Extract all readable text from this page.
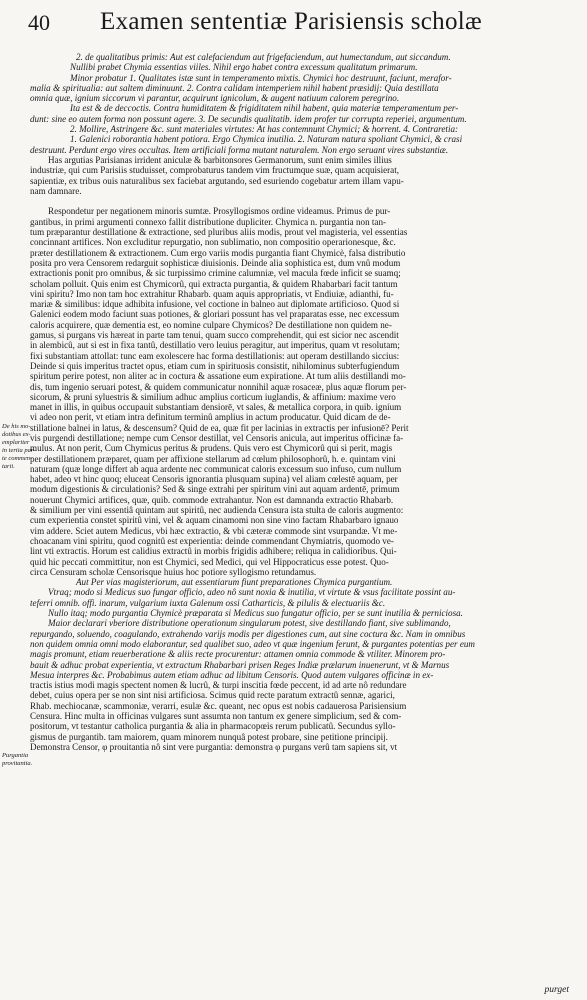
40 Examen sententiæ Parisiensis scholæ
2. de qualitatibus primis: Aut est calefaciendum aut frigefaciendum, aut humectandum, aut siccandum.
Nullibi prabet Chymia essentias viiles. Nihil ergo habet contra excessum qualitatum primarum.
Minor probatur 1. Qualitates istæ sunt in temperamento mixtis. Chymici hoc destruunt, faciunt, merafor-
malia & spiritualia: aut saltem diminuunt. 2. Contra calidam intemperiem nihil habent præsidij: Quia destillata
omnia quæ, ignium siccorum vi parantur, acquirunt ignicolum, & augent natiuum calorem peregrino.
Ita est & de deccoctis. Contra humiditatem & frigiditatem nihil habent, quia materiæ temperamentum per-
dunt: sine eo autem forma non possunt agere. 3. De secundis qualitatib. idem profer tur corrupta reperiei, argumentum.
2. Mollire, Astringere &c. sunt materiales virtutes: At has contemnunt Chymici; & horrent. 4. Contraretia:
1. Galenici roborantia habent potiora. Ergo Chymica inutilia. 2. Naturam natura spoliant Chymici, & crasi
destruunt. Perdunt ergo vires occultas. Item artificiali forma mutant naturalem. Non ergo seruant vires substantiæ.
Has argutias Parisianas irrident aniculæ & barbitonsores Germanorum, sunt enim similes illius
industriæ, qui cum Parisiis studuisset, comprobaturus tandem vim fructumque suæ, quam acquisierat,
sapientiæ, ex tribus ouis naturalibus sex faciebat argutando, sed esuriendo cogebatur artem illam vapu-
nam damnare.
Respondetur per negationem minoris sumtæ. Prosyllogismos ordine videamus. Primus de pur-
gantibus, in primi argumenti connexo fallit distributione dupliciter. Chymica n. purgantia non tan-
tum præparantur destillatione & extractione, sed pluribus aliis modis, prout vel magisteria, vel essentias
concinnant artifices. Non excluditur repurgatio, non sublimatio, non compositio operarionesque, &c.
præter destillationem & extractionem. Cum ergo variis modis purgantia fiant Chymicè, falsa distributio
posita pro vera Censorem redarguit sophisticæ diuisionis. Deinde alia sophistica est, dum vnû modum
extractionis ponit pro omnibus, & sic turpissimo crimine calumniæ, vel macula fœde inficit se suamq;
scholam polluit. Quis enim est Chymicorû, qui extracta purgantia, & quidem Rhabarbari facit tantum
vini spiritu? Imo non tam hoc extrahitur Rhabarb. quam aquis appropriatis, vt Endiuiæ, adianthi, fu-
mariæ & similibus: idque adhibita infusione, vel coctione in balneo aut diplomate artificioso. Quod si
Galenici eodem modo faciunt suas potiones, & gloriari possunt has vel praparatas esse, nec excessum
caloris acquirere, quæ dementia est, eo nomine culpare Chymicos? De destillatione non quidem ne-
gamus, si purgans vis hæreat in parte tam tenui, quam succo comprehendit, qui est sicior nec ascendit
in alembicû, aut si est in fixa tantû, destillatio vero leuius peragitur, aut imperitus, quam vt resolutam;
fixi substantiam attollat: tunc eam exolescere hac forma destillationis: aut operam destillando siccius:
Deinde si quis imperitus tractet opus, etiam cum in spirituosis consistit, nihilominus subterfugiendum
spiritum perire potest, non aliter ac in coctura & assatione eum expiratione. At tum aliis destillandi mo-
dis, tum ingenio seruari potest, & quidem communicatur nonnihil aquæ rosaceæ, plus aquæ florum per-
sicorum, & pruni syluestris & similium adhuc amplius corticum iuglandis, & affinium: maxime vero
manet in illis, in quibus occupauit substantiam densiorē, vt sales, & metallica corpora, in quib. igníum
vi adeo non perit, vt etiam intra definitum terminû amplius in actum producatur. Quid dicam de de-
stillatione balnei in latus, & descensum? Quid de ea, quæ fit per lacinias in extractis per infusionē? Perit
vis purgendi destillatione; nempe cum Censor destillat, vel Censoris anicula, aut imperitus officinæ fa-
mulus. At non perit, Cum Chymicus peritus & prudens. Quis vero est Chymicorû qui si perit, magis
per destillationem præparet, quam per affixione stellarum ad cœlum philosophorû, h. e. quintam vini
naturam (quæ longe differt ab aqua ardente nec communicat caloris excessum suo infuso, cum nullum
habet, adeo vt hinc quoq; eluceat Censoris ignorantia plusquam supina) vel aliam cœlestē aquam, per
modum digestionis & circulationis? Sed & singe extrahi per spiritum vini aut aquam ardentē, primum
nouerunt Chymici artifices, quæ, quib. commode extrahantur. Non est damnanda extractio Rhabarb.
& similium per vini essentiâ quintam aut spiritû, nec audienda Censura ista stulta de caloris augmento:
cum experientia constet spiritû vini, vel & aquam cinamomi non sine vino factam Rhabarbaro ignauo
vim addere. Sciet autem Medicus, vbi hæc extractio, & vbi cæteræ commode sint vsurpandæ. Vt me-
choacanam vini spiritu, quod cognitû est experientia: deinde commendant Chymiatris, quomodo ve-
lint vti extractis. Horum est calidius extractû in morbis frigidis adhibere; reliqua in calidioribus. Qui-
quid hic peccati committitur, non est Chymici, sed Medici, qui vel Hippocraticus esse potest. Quo-
circa Censuram scholæ Censorisque huius hoc potiore syllogismo retundamus.
Aut Per vias magisteriorum, aut essentiarum fiunt preparationes Chymica purgantium.
Vtraq; modo si Medicus suo fungar officio, adeo nô sunt noxia & inutilia, vt virtute & vsus facilitate possint au-
teferri omnib. offi. inarum, vulgarium iuxta Galenum ossi Catharticis, & pilulis & electuariis &c.
Nullo itaq; modo purgantia Chymicè præparata si Medicus suo fungatur officio, per se sunt inutilia & perniciosa.
Maior declarari vberiore distributione operationum singularum potest, sive destillando fiant, sive sublimando,
repurgando, soluendo, coagulando, extrahendo varijs modis per digestiones cum, aut sine coctura &c. Nam in omnibus
non quidem omnia omni modo elaborantur, sed qualibet suo, adeo vt quæ ingenium ferunt, & purgantes potentias per eum
magis promunt, etiam reuerberatione & aliis recte procurentur: attamen omnia commode & vtiliter. Minorem pro-
bauit & adhuc probat experientia, vt extractum Rhabarbari prisen Reges Indiæ prælarum inuenerunt, vt & Marnus
Mesua interpres &c. Probabimus autem etiam adhuc ad libitum Censoris. Quod autem vulgares officinæ in ex-
tractis istius modi magis spectent nomen & lucrû, & turpi inscitia fœde peccent, id ad arte nô redundare
debet, cuius opera per se non sint nisi artificiosa. Scimus quid recte paratum extractû sennæ, agarici,
Rhab. mechiocanæ, scammoniæ, verarri, esulæ &c. queant, nec opus est nobis cadauerosa Parisiensium
Censura. Hinc multa in officinas vulgares sunt assumta non tantum ex genere simplicium, sed & com-
positorum, vt testantur catholica purgantia & alia in pharmacopœis rerum publicatû. Secundus syllo-
gismus de purgantib. tam maiorem, quam minorem nunquâ potest probare, sine petitione principij.
Demonstra Censor, φ prouitantia nô sint vere purgantia: demonstra φ purgans verû tam sapiens sit, vt
De his mo-
dotibus ex-
emplariter
in tertia par-
te commen-
tarii.
Purgantia
provitantia.
purget
